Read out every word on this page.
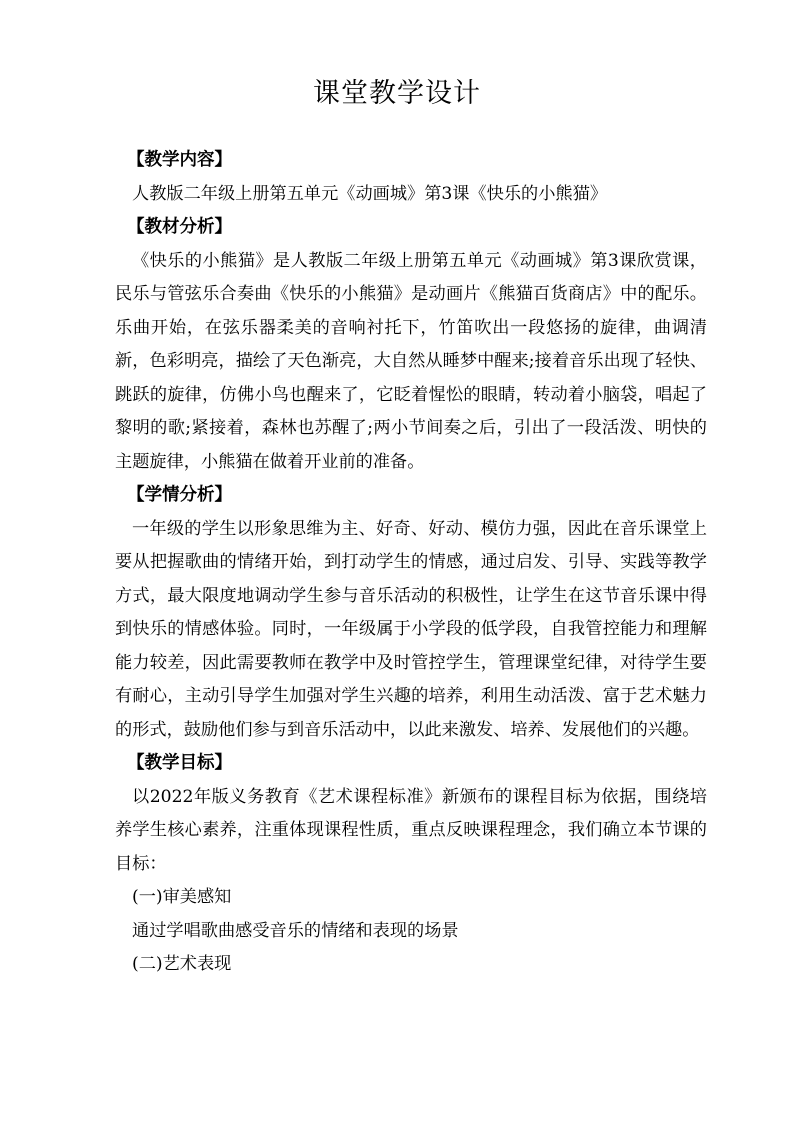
课堂教学设计

【教学内容】

人教版二年级上册第五单元《动画城》第3课《快乐的小熊猫》

【教材分析】

《快乐的小熊猫》是人教版二年级上册第五单元《动画城》第3课欣赏课，民乐与管弦乐合奏曲《快乐的小熊猫》是动画片《熊猫百货商店》中的配乐。乐曲开始，在弦乐器柔美的音响衬托下，竹笛吹出一段悠扬的旋律，曲调清新，色彩明亮，描绘了天色渐亮，大自然从睡梦中醒来;接着音乐出现了轻快、跳跃的旋律，仿佛小鸟也醒来了，它眨着惺忪的眼睛，转动着小脑袋，唱起了黎明的歌;紧接着，森林也苏醒了;两小节间奏之后，引出了一段活泼、明快的主题旋律，小熊猫在做着开业前的准备。

【学情分析】

一年级的学生以形象思维为主、好奇、好动、模仿力强，因此在音乐课堂上要从把握歌曲的情绪开始，到打动学生的情感，通过启发、引导、实践等教学方式，最大限度地调动学生参与音乐活动的积极性，让学生在这节音乐课中得到快乐的情感体验。同时，一年级属于小学段的低学段，自我管控能力和理解能力较差，因此需要教师在教学中及时管控学生，管理课堂纪律，对待学生要有耐心，主动引导学生加强对学生兴趣的培养，利用生动活泼、富于艺术魅力的形式，鼓励他们参与到音乐活动中，以此来激发、培养、发展他们的兴趣。

【教学目标】

以2022年版义务教育《艺术课程标准》新颁布的课程目标为依据，围绕培养学生核心素养，注重体现课程性质，重点反映课程理念，我们确立本节课的目标：

(一)审美感知

通过学唱歌曲感受音乐的情绪和表现的场景

(二)艺术表现
